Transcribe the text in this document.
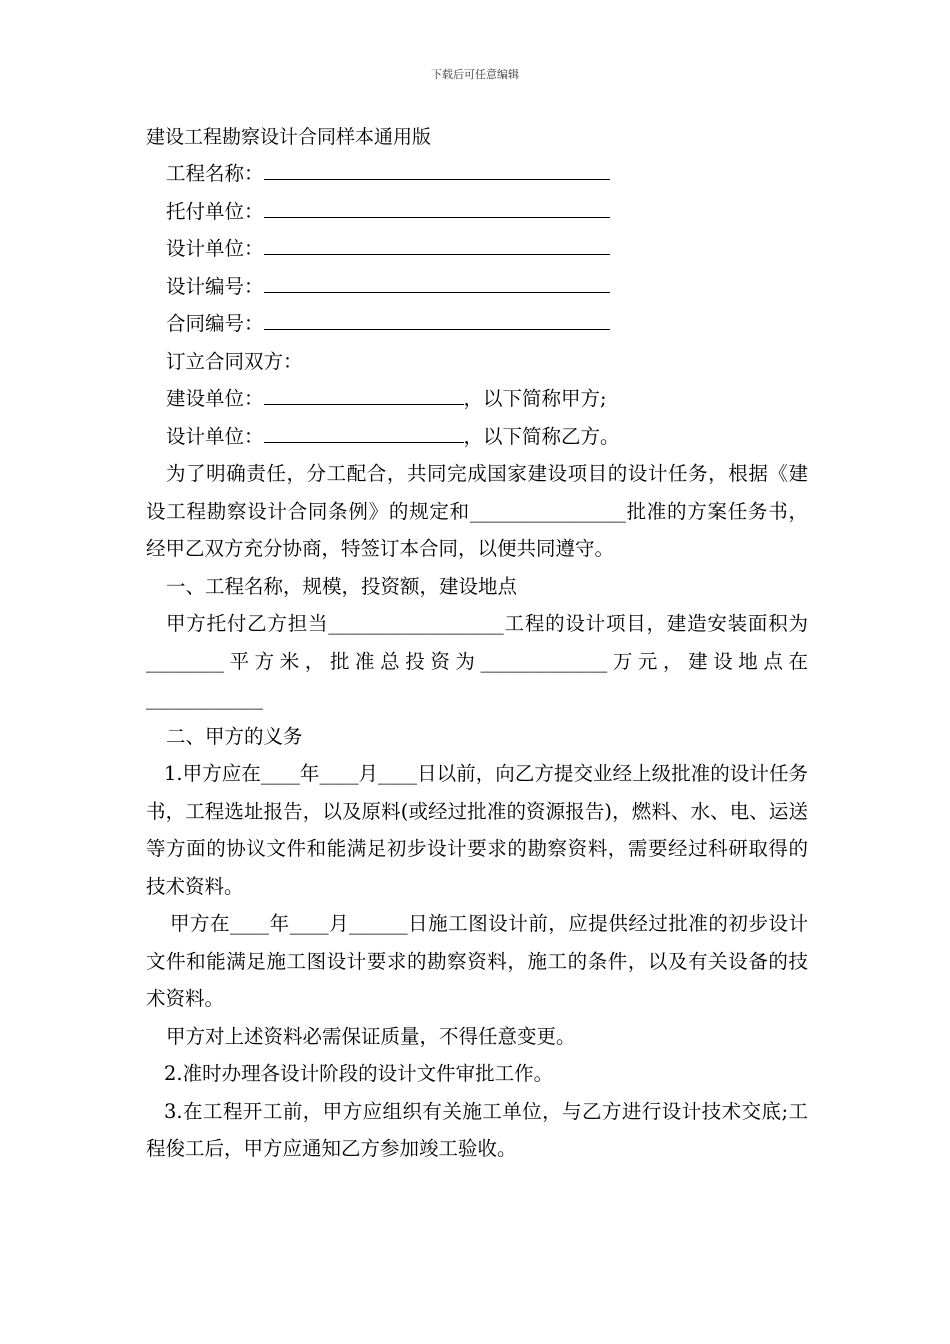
下载后可任意编辑
建设工程勘察设计合同样本通用版
工程名称：
托付单位：
设计单位：
设计编号：
合同编号：
订立合同双方：
建设单位：	，以下简称甲方;
设计单位：	，以下简称乙方。
为了明确责任，分工配合，共同完成国家建设项目的设计任务，根据《建设工程勘察设计合同条例》的规定和________________批准的方案任务书，经甲乙双方充分协商，特签订本合同，以便共同遵守。
一、工程名称，规模，投资额，建设地点
甲方托付乙方担当__________________工程的设计项目，建造安装面积为________平方米，批准总投资为_____________万元，建设地点在____________
二、甲方的义务
1.甲方应在____年____月____日以前，向乙方提交业经上级批准的设计任务书，工程选址报告，以及原料(或经过批准的资源报告)，燃料、水、电、运送等方面的协议文件和能满足初步设计要求的勘察资料，需要经过科研取得的技术资料。
甲方在____年____月______日施工图设计前，应提供经过批准的初步设计文件和能满足施工图设计要求的勘察资料，施工的条件，以及有关设备的技术资料。
甲方对上述资料必需保证质量，不得任意变更。
2.准时办理各设计阶段的设计文件审批工作。
3.在工程开工前，甲方应组织有关施工单位，与乙方进行设计技术交底;工程俊工后，甲方应通知乙方参加竣工验收。
